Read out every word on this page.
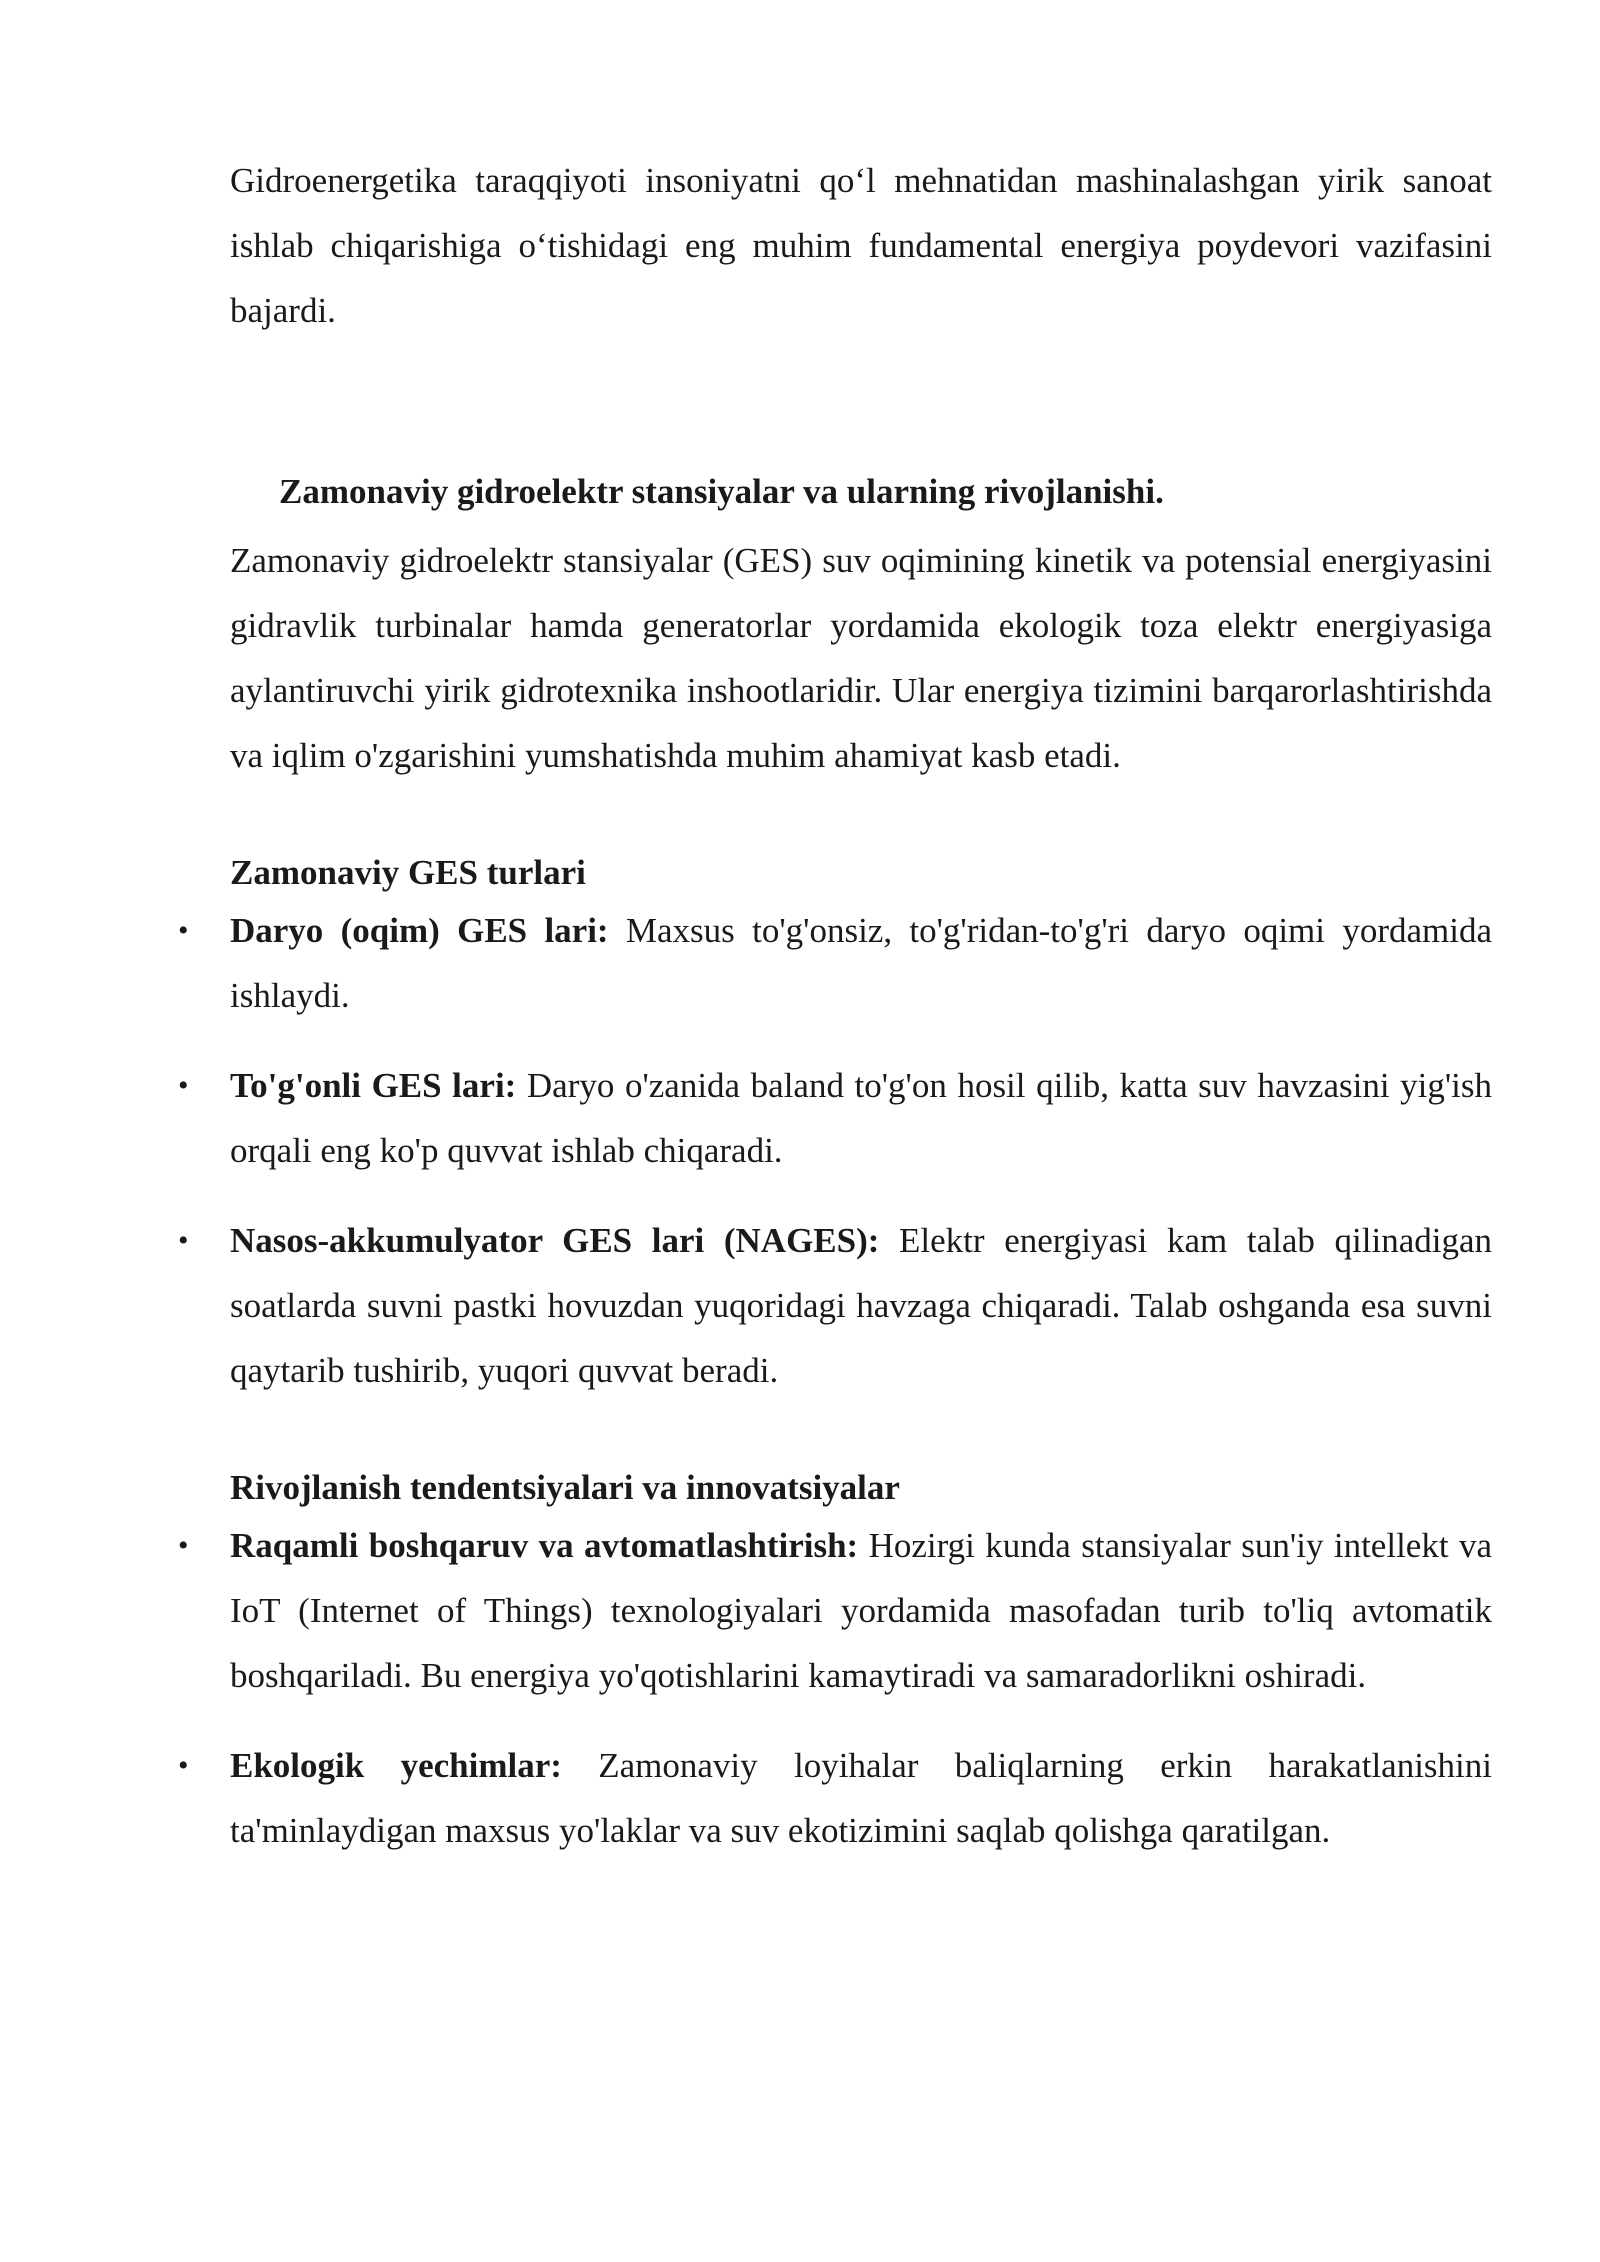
Gidroenergetika taraqqiyoti insoniyatni qo‘l mehnatidan mashinalashgan yirik sanoat ishlab chiqarishiga o‘tishidagi eng muhim fundamental energiya poydevori vazifasini bajardi.

Zamonaviy gidroelektr stansiyalar va ularning rivojlanishi.

Zamonaviy gidroelektr stansiyalar (GES) suv oqimining kinetik va potensial energiyasini gidravlik turbinalar hamda generatorlar yordamida ekologik toza elektr energiyasiga aylantiruvchi yirik gidrotexnika inshootlaridir. Ular energiya tizimini barqarorlashtirishda va iqlim o'zgarishini yumshatishda muhim ahamiyat kasb etadi.

Zamonaviy GES turlari
• Daryo (oqim) GES lari: Maxsus to'g'onsiz, to'g'ridan-to'g'ri daryo oqimi yordamida ishlaydi.
• To'g'onli GES lari: Daryo o'zanida baland to'g'on hosil qilib, katta suv havzasini yig'ish orqali eng ko'p quvvat ishlab chiqaradi.
• Nasos-akkumulyator GES lari (NAGES): Elektr energiyasi kam talab qilinadigan soatlarda suvni pastki hovuzdan yuqoridagi havzaga chiqaradi. Talab oshganda esa suvni qaytarib tushirib, yuqori quvvat beradi.
Rivojlanish tendentsiyalari va innovatsiyalar
• Raqamli boshqaruv va avtomatlashtirish: Hozirgi kunda stansiyalar sun'iy intellekt va IoT (Internet of Things) texnologiyalari yordamida masofadan turib to'liq avtomatik boshqariladi. Bu energiya yo'qotishlarini kamaytiradi va samaradorlikni oshiradi.
• Ekologik yechimlar: Zamonaviy loyihalar baliqlarning erkin harakatlanishini ta'minlaydigan maxsus yo'laklar va suv ekotizimini saqlab qolishga qaratilgan.
